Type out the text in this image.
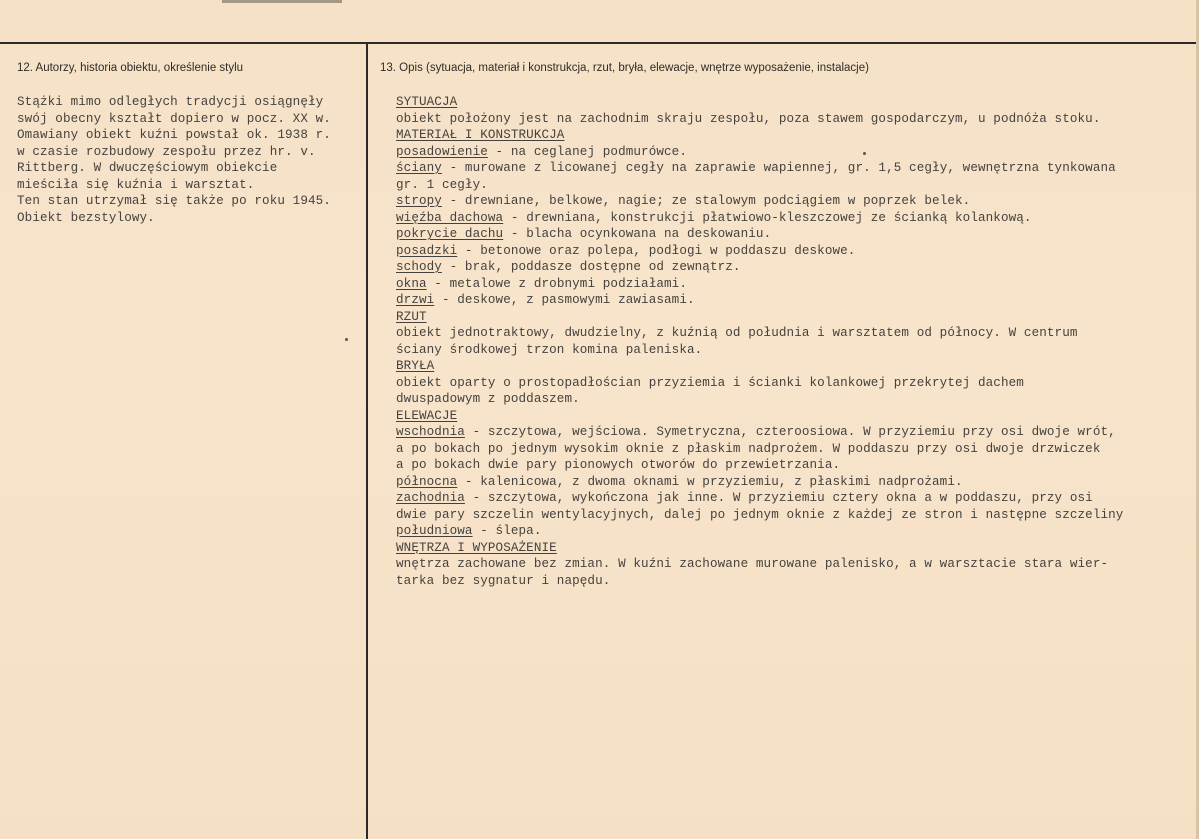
12. Autorzy, historia obiektu, określenie stylu	13. Opis (sytuacja, materiał i konstrukcja, rzut, bryła, elewacje, wnętrze wyposażenie, instalacje)
Stążki mimo odległych tradycji osiągnęły
swój obecny kształt dopiero w pocz. XX w.
Omawiany obiekt kuźni powstał ok. 1938 r.
w czasie rozbudowy zespołu przez hr. v.
Rittberg. W dwuczęściowym obiekcie
mieściła się kuźnia i warsztat.
Ten stan utrzymał się także po roku 1945.
Obiekt bezstylowy.
SYTUACJA
obiekt położony jest na zachodnim skraju zespołu, poza stawem gospodarczym, u podnóża stoku.
MATERIAŁ I KONSTRUKCJA
posadowienie - na ceglanej podmurówce.
ściany - murowane z licowanej cegły na zaprawie wapiennej, gr. 1,5 cegły, wewnętrzna tynkowana
gr. 1 cegły.
stropy - drewniane, belkowe, nagie; ze stalowym podciągiem w poprzek belek.
więźba dachowa - drewniana, konstrukcji płatwiowo-kleszczowej ze ścianką kolankową.
pokrycie dachu - blacha ocynkowana na deskowaniu.
posadzki - betonowe oraz polepa, podłogi w poddaszu deskowe.
schody - brak, poddasze dostępne od zewnątrz.
okna - metalowe z drobnymi podziałami.
drzwi - deskowe, z pasmowymi zawiasami.
RZUT
obiekt jednotraktowy, dwudzielny, z kuźnią od południa i warsztatem od północy. W centrum
ściany środkowej trzon komina paleniska.
BRYŁA
obiekt oparty o prostopadłościan przyziemia i ścianki kolankowej przekrytej dachem
dwuspadowym z poddaszem.
ELEWACJE
wschodnia - szczytowa, wejściowa. Symetryczna, czteroosiowa. W przyziemiu przy osi dwoje wrót,
a po bokach po jednym wysokim oknie z płaskim nadprożem. W poddaszu przy osi dwoje drzwiczek
a po bokach dwie pary pionowych otworów do przewietrzania.
północna - kalenicowa, z dwoma oknami w przyziemiu, z płaskimi nadprożami.
zachodnia - szczytowa, wykończona jak inne. W przyziemiu cztery okna a w poddaszu, przy osi
dwie pary szczelin wentylacyjnych, dalej po jednym oknie z każdej ze stron i następne szczeliny
południowa - ślepa.
WNĘTRZA I WYPOSAŻENIE
wnętrza zachowane bez zmian. W kuźni zachowane murowane palenisko, a w warsztacie stara wier-
tarka bez sygnatur i napędu.
